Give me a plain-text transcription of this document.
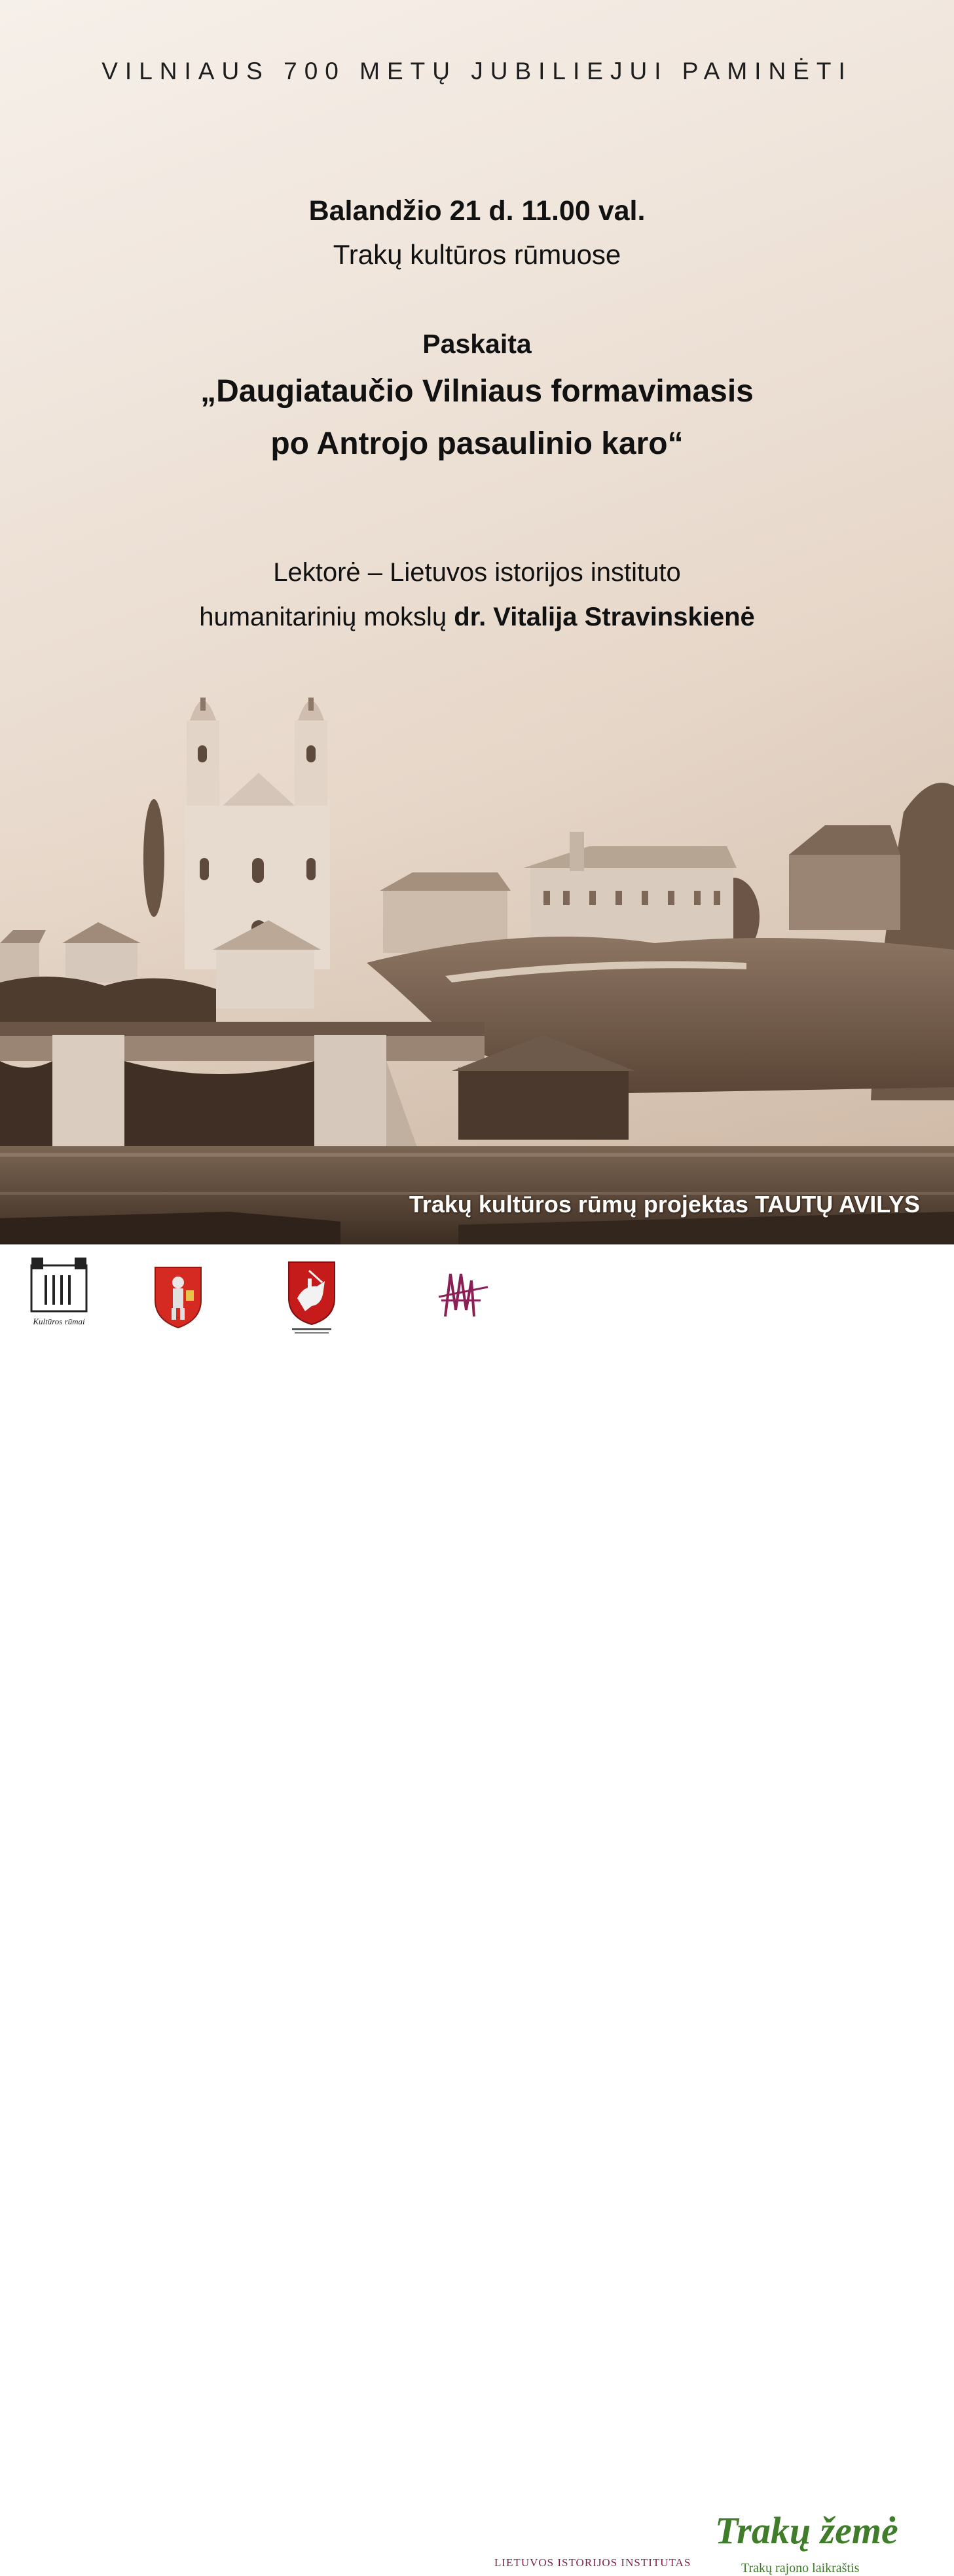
VILNIAUS 700 METŲ JUBILIEJUI PAMINĖTI
Balandžio 21 d. 11.00 val.
Trakų kultūros rūmuose
Paskaita
„Daugiataučio Vilniaus formavimasis
po Antrojo pasaulinio karo“
Lektorė – Lietuvos istorijos instituto
humanitarinių mokslų dr. Vitalija Stravinskienė
Trakų kultūros rūmų projektas TAUTŲ AVILYS
Kultūros rūmai
LIETUVOS ISTORIJOS INSTITUTAS
Trakų žemė
Trakų rajono laikraštis
